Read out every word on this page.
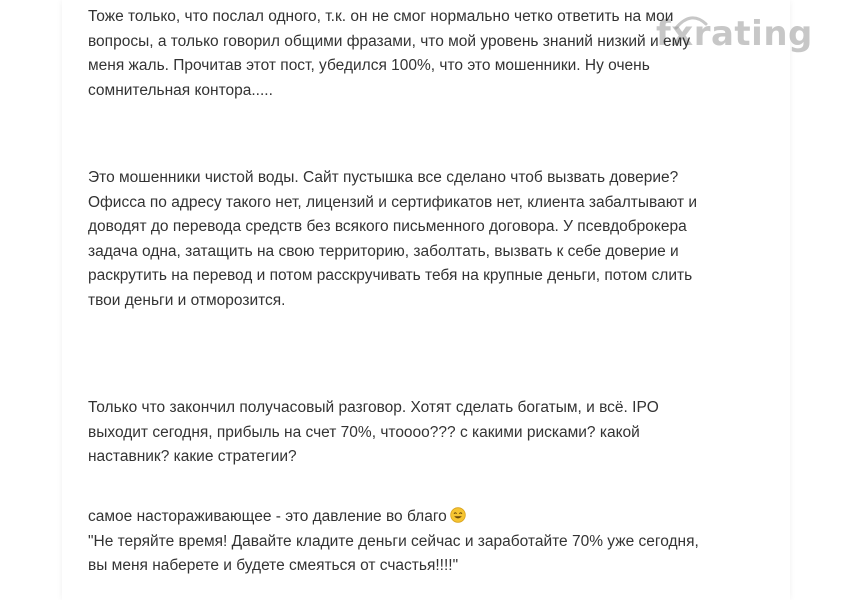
fxrating
Тоже только, что послал одного, т.к. он не смог нормально четко ответить на мои
вопросы, а только говорил общими фразами, что мой уровень знаний низкий и ему
меня жаль. Прочитав этот пост, убедился 100%, что это мошенники. Ну очень
сомнительная контора.....
Это мошенники чистой воды. Сайт пустышка все сделано чтоб вызвать доверие?
Офисса по адресу такого нет, лицензий и сертификатов нет, клиента забалтывают и
доводят до перевода средств без всякого письменного договора. У псевдоброкера
задача одна, затащить на свою территорию, заболтать, вызвать к себе доверие и
раскрутить на перевод и потом расскручивать тебя на крупные деньги, потом слить
твои деньги и отморозится.
Только что закончил получасовый разговор. Хотят сделать богатым, и всё. IPO
выходит сегодня, прибыль на счет 70%, чтоооо??? с какими рисками? какой
наставник? какие стратегии?
самое настораживающее - это давление во благо
"Не теряйте время! Давайте кладите деньги сейчас и заработайте 70% уже сегодня,
вы меня наберете и будете смеяться от счастья!!!!"
